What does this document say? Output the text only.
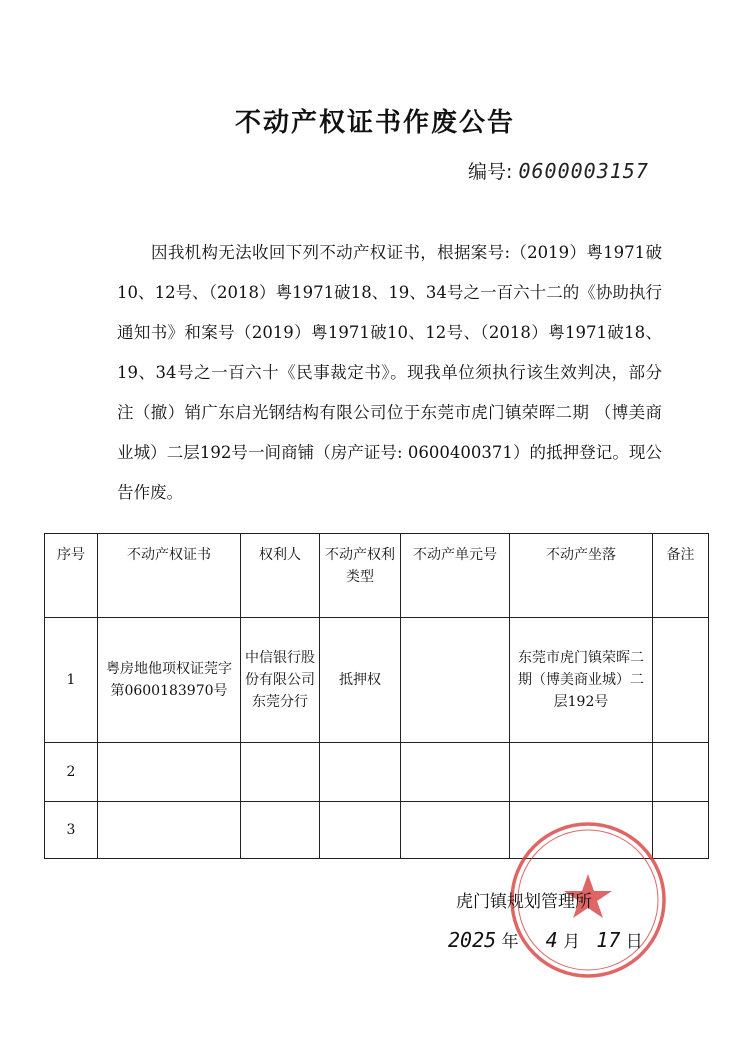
不动产权证书作废公告
编号: 0600003157

因我机构无法收回下列不动产权证书，根据案号:（2019）粤1971破10、12号、（2018）粤1971破18、19、34号之一百六十二的《协助执行通知书》和案号（2019）粤1971破10、12号、（2018）粤1971破18、19、34号之一百六十《民事裁定书》。现我单位须执行该生效判决，部分注（撤）销广东启光钢结构有限公司位于东莞市虎门镇荣晖二期 （博美商业城）二层192号一间商铺（房产证号: 0600400371）的抵押登记。现公告作废。

序号	不动产权证书	权利人	不动产权利类型	不动产单元号	不动产坐落	备注
1	粤房地他项权证莞字第0600183970号	中信银行股份有限公司东莞分行	抵押权		东莞市虎门镇荣晖二期（博美商业城）二层192号	
2						
3						
虎门镇规划管理所
2025 年 4 月 17 日
